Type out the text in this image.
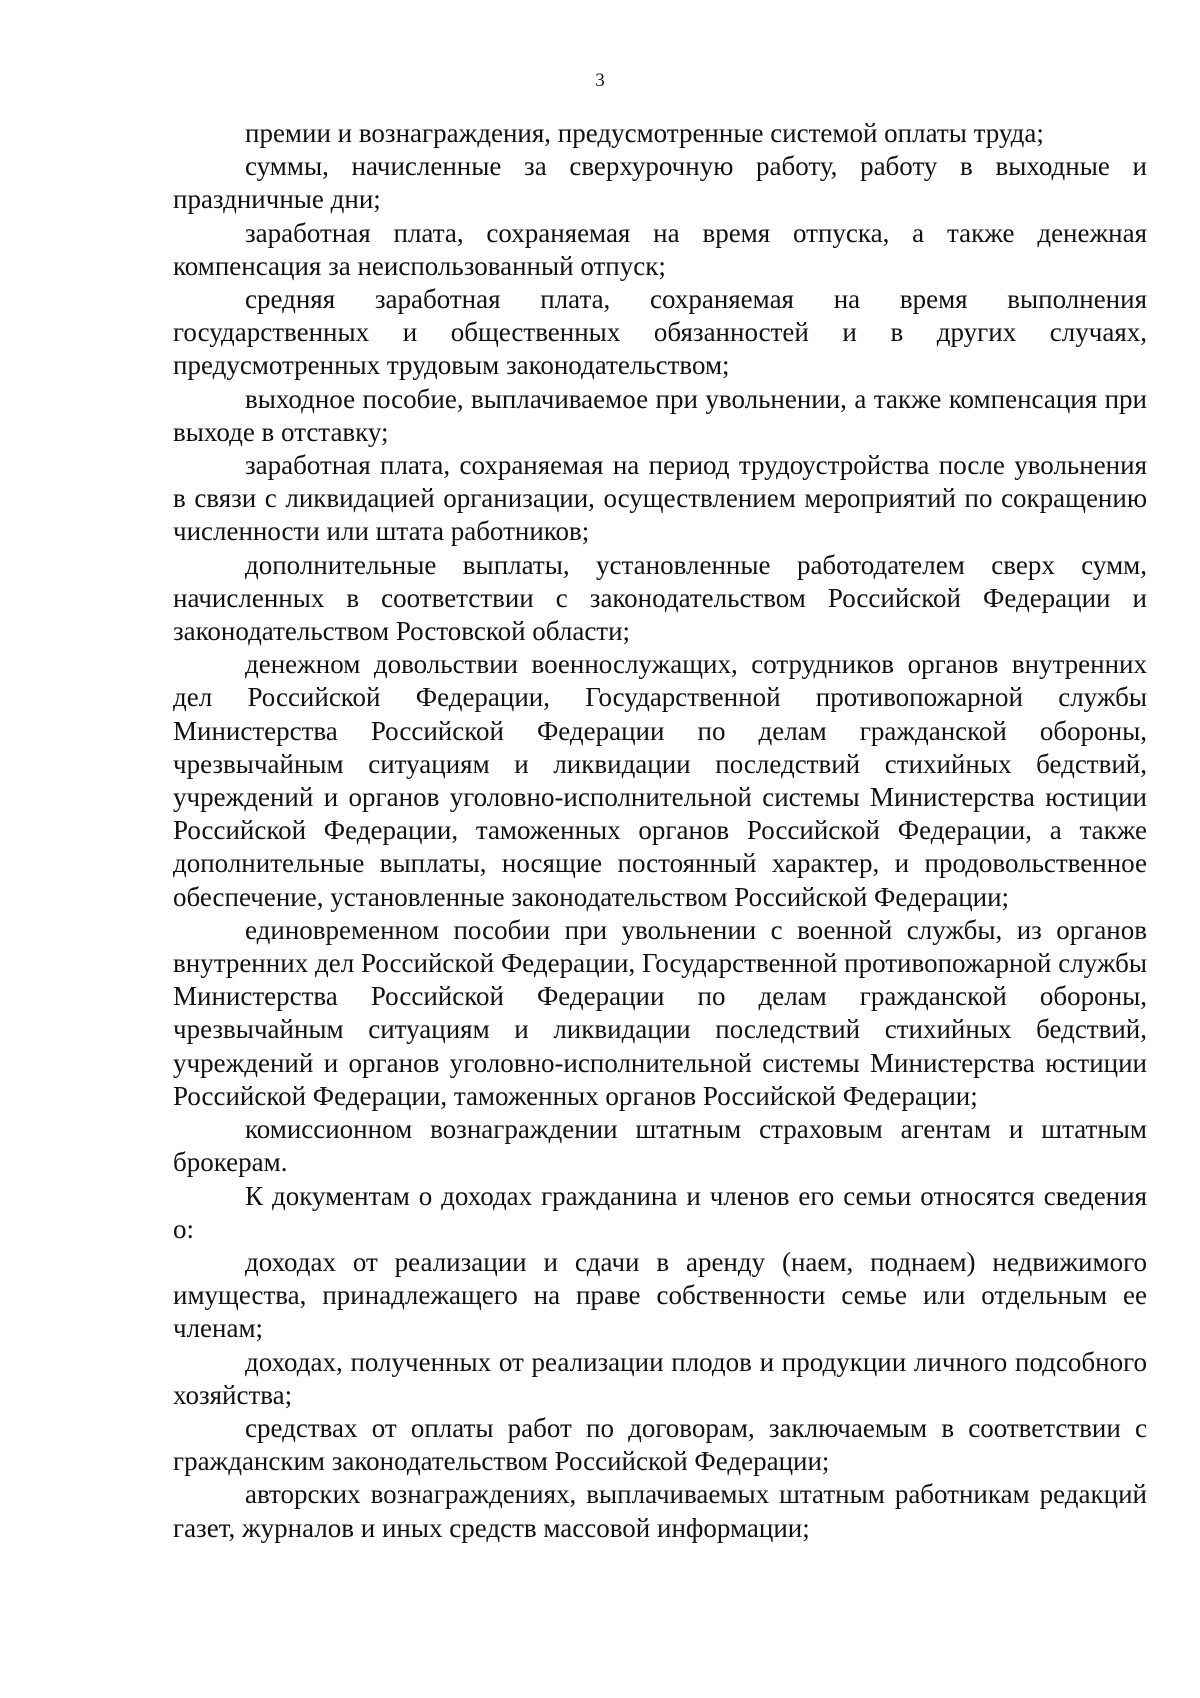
3

премии и вознаграждения, предусмотренные системой оплаты труда;

суммы, начисленные за сверхурочную работу, работу в выходные и праздничные дни;

заработная плата, сохраняемая на время отпуска, а также денежная компенсация за неиспользованный отпуск;

средняя заработная плата, сохраняемая на время выполнения государственных и общественных обязанностей и в других случаях, предусмотренных трудовым законодательством;

выходное пособие, выплачиваемое при увольнении, а также компенсация при выходе в отставку;

заработная плата, сохраняемая на период трудоустройства после увольнения в связи с ликвидацией организации, осуществлением мероприятий по сокращению численности или штата работников;

дополнительные выплаты, установленные работодателем сверх сумм, начисленных в соответствии с законодательством Российской Федерации и законодательством Ростовской области;

денежном довольствии военнослужащих, сотрудников органов внутренних дел Российской Федерации, Государственной противопожарной службы Министерства Российской Федерации по делам гражданской обороны, чрезвычайным ситуациям и ликвидации последствий стихийных бедствий, учреждений и органов уголовно-исполнительной системы Министерства юстиции Российской Федерации, таможенных органов Российской Федерации, а также дополнительные выплаты, носящие постоянный характер, и продовольственное обеспечение, установленные законодательством Российской Федерации;

единовременном пособии при увольнении с военной службы, из органов внутренних дел Российской Федерации, Государственной противопожарной службы Министерства Российской Федерации по делам гражданской обороны, чрезвычайным ситуациям и ликвидации последствий стихийных бедствий, учреждений и органов уголовно-исполнительной системы Министерства юстиции Российской Федерации, таможенных органов Российской Федерации;

комиссионном вознаграждении штатным страховым агентам и штатным брокерам.

К документам о доходах гражданина и членов его семьи относятся сведения о:

доходах от реализации и сдачи в аренду (наем, поднаем) недвижимого имущества, принадлежащего на праве собственности семье или отдельным ее членам;

доходах, полученных от реализации плодов и продукции личного подсобного хозяйства;

средствах от оплаты работ по договорам, заключаемым в соответствии с гражданским законодательством Российской Федерации;

авторских вознаграждениях, выплачиваемых штатным работникам редакций газет, журналов и иных средств массовой информации;
